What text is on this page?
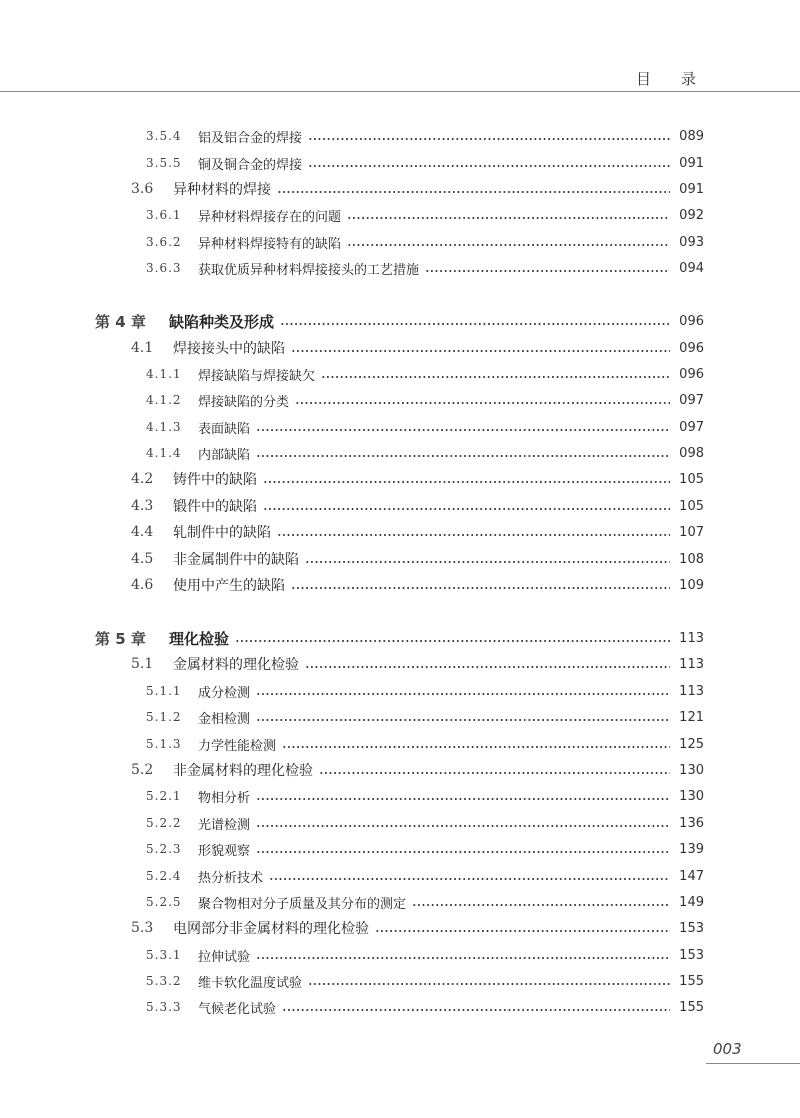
目录
3.5.4	铝及铝合金的焊接	089
3.5.5	铜及铜合金的焊接	091
3.6	异种材料的焊接	091
3.6.1	异种材料焊接存在的问题	092
3.6.2	异种材料焊接特有的缺陷	093
3.6.3	获取优质异种材料焊接接头的工艺措施	094
第 4 章	缺陷种类及形成	096
4.1	焊接接头中的缺陷	096
4.1.1	焊接缺陷与焊接缺欠	096
4.1.2	焊接缺陷的分类	097
4.1.3	表面缺陷	097
4.1.4	内部缺陷	098
4.2	铸件中的缺陷	105
4.3	锻件中的缺陷	105
4.4	轧制件中的缺陷	107
4.5	非金属制件中的缺陷	108
4.6	使用中产生的缺陷	109
第 5 章	理化检验	113
5.1	金属材料的理化检验	113
5.1.1	成分检测	113
5.1.2	金相检测	121
5.1.3	力学性能检测	125
5.2	非金属材料的理化检验	130
5.2.1	物相分析	130
5.2.2	光谱检测	136
5.2.3	形貌观察	139
5.2.4	热分析技术	147
5.2.5	聚合物相对分子质量及其分布的测定	149
5.3	电网部分非金属材料的理化检验	153
5.3.1	拉伸试验	153
5.3.2	维卡软化温度试验	155
5.3.3	气候老化试验	155
003
